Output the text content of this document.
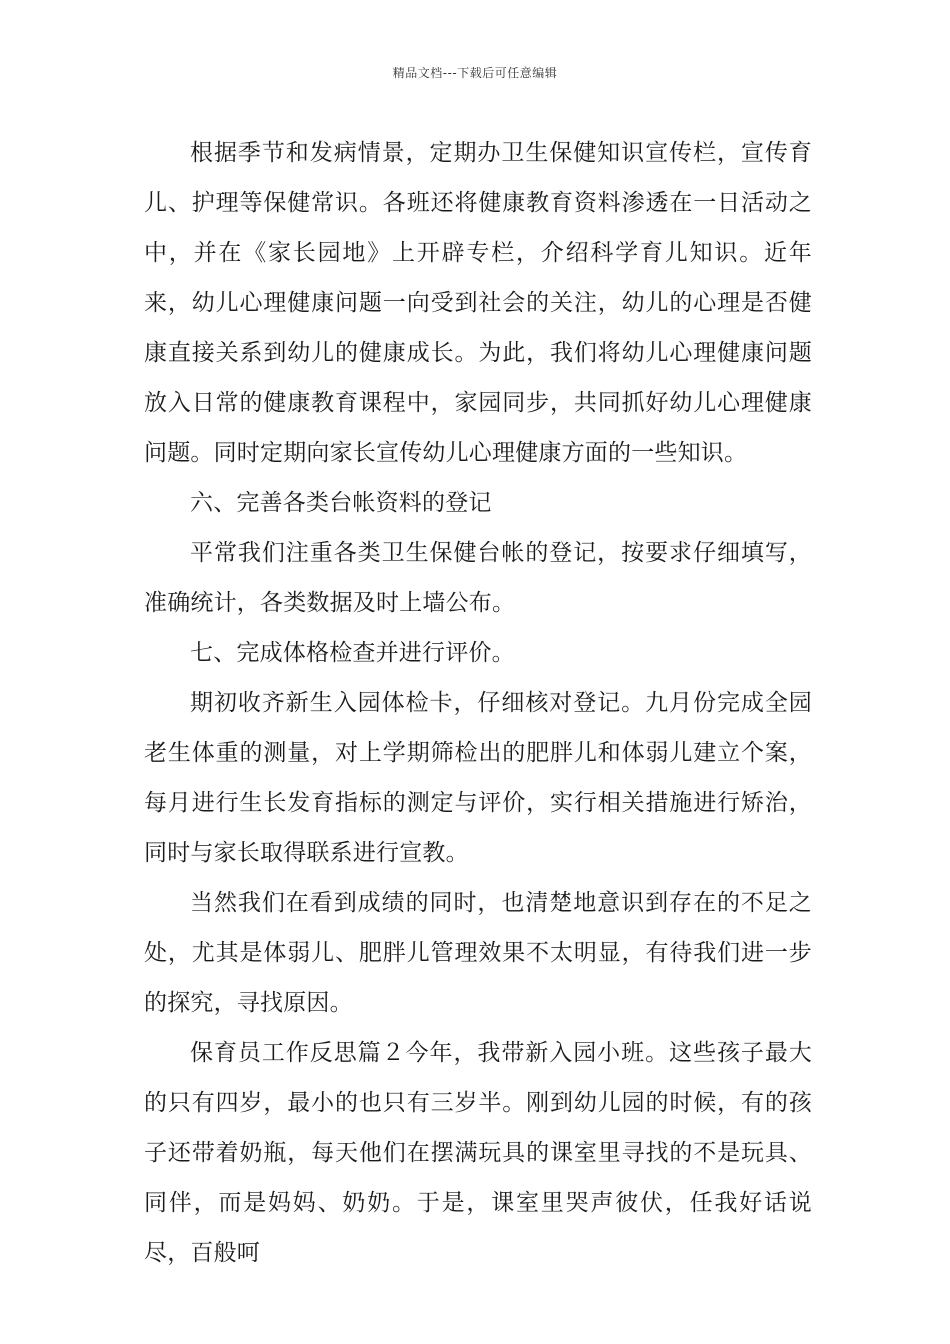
精品文档---下载后可任意编辑

根据季节和发病情景，定期办卫生保健知识宣传栏，宣传育儿、护理等保健常识。各班还将健康教育资料渗透在一日活动之中，并在《家长园地》上开辟专栏，介绍科学育儿知识。近年来，幼儿心理健康问题一向受到社会的关注，幼儿的心理是否健康直接关系到幼儿的健康成长。为此，我们将幼儿心理健康问题放入日常的健康教育课程中，家园同步，共同抓好幼儿心理健康问题。同时定期向家长宣传幼儿心理健康方面的一些知识。

六、完善各类台帐资料的登记

平常我们注重各类卫生保健台帐的登记，按要求仔细填写，准确统计，各类数据及时上墙公布。

七、完成体格检查并进行评价。

期初收齐新生入园体检卡，仔细核对登记。九月份完成全园老生体重的测量，对上学期筛检出的肥胖儿和体弱儿建立个案，每月进行生长发育指标的测定与评价，实行相关措施进行矫治，同时与家长取得联系进行宣教。

当然我们在看到成绩的同时，也清楚地意识到存在的不足之处，尤其是体弱儿、肥胖儿管理效果不太明显，有待我们进一步的探究，寻找原因。

保育员工作反思篇２今年，我带新入园小班。这些孩子最大的只有四岁，最小的也只有三岁半。刚到幼儿园的时候，有的孩子还带着奶瓶，每天他们在摆满玩具的课室里寻找的不是玩具、同伴，而是妈妈、奶奶。于是，课室里哭声彼伏，任我好话说尽，百般呵
